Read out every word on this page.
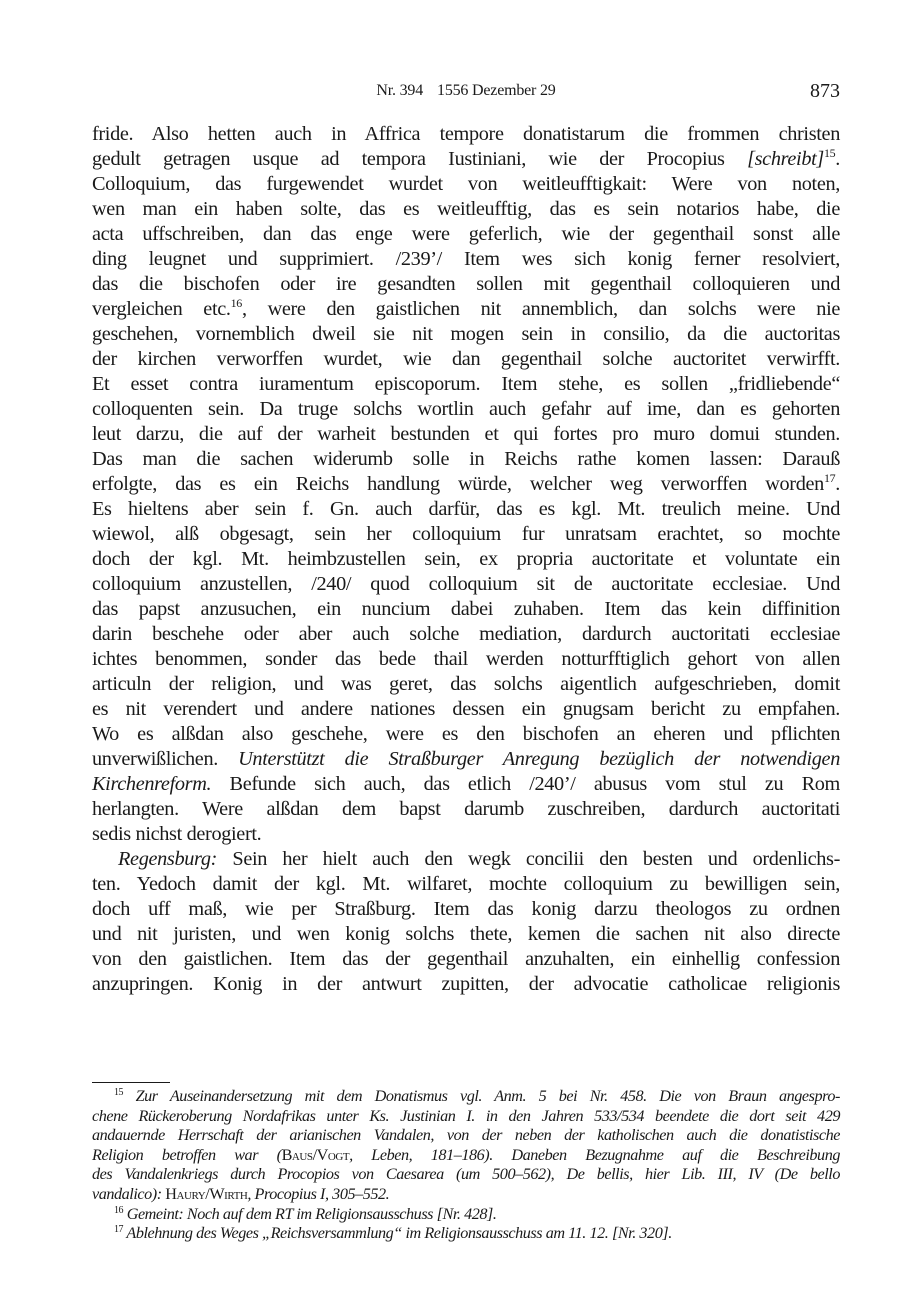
Nr. 394 1556 Dezember 29	873

fride. Also hetten auch in Affrica tempore donatistarum die frommen christen
gedult getragen usque ad tempora Iustiniani, wie der Procopius [schreibt]$^{15}$.
Colloquium, das furgewendet wurdet von weitleufftigkait: Were von noten,
wen man ein haben solte, das es weitleufftig, das es sein notarios habe, die
acta uffschreiben, dan das enge were geferlich, wie der gegenthail sonst alle
ding leugnet und supprimiert. /239’/ Item wes sich konig ferner resolviert,
das die bischofen oder ire gesandten sollen mit gegenthail colloquieren und
vergleichen etc.$^{16}$, were den gaistlichen nit annemblich, dan solchs were nie
geschehen, vornemblich dweil sie nit mogen sein in consilio, da die auctoritas
der kirchen verworffen wurdet, wie dan gegenthail solche auctoritet verwirfft.
Et esset contra iuramentum episcoporum. Item stehe, es sollen „fridliebende“
colloquenten sein. Da truge solchs wortlin auch gefahr auf ime, dan es gehorten
leut darzu, die auf der warheit bestunden et qui fortes pro muro domui stunden.
Das man die sachen widerumb solle in Reichs rathe komen lassen: Darauß
erfolgte, das es ein Reichs handlung würde, welcher weg verworffen worden$^{17}$.
Es hieltens aber sein f. Gn. auch darfür, das es kgl. Mt. treulich meine. Und
wiewol, alß obgesagt, sein her colloquium fur unratsam erachtet, so mochte
doch der kgl. Mt. heimbzustellen sein, ex propria auctoritate et voluntate ein
colloquium anzustellen, /240/ quod colloquium sit de auctoritate ecclesiae. Und
das papst anzusuchen, ein nuncium dabei zuhaben. Item das kein diffinition
darin beschehe oder aber auch solche mediation, dardurch auctoritati ecclesiae
ichtes benommen, sonder das bede thail werden notturfftiglich gehort von allen
articuln der religion, und was geret, das solchs aigentlich aufgeschrieben, domit
es nit verendert und andere nationes dessen ein gnugsam bericht zu empfahen.
Wo es alßdan also geschehe, were es den bischofen an eheren und pflichten
unverwißlichen. Unterstützt die Straßburger Anregung bezüglich der notwendigen
Kirchenreform. Befunde sich auch, das etlich /240’/ abusus vom stul zu Rom
herlangten. Were alßdan dem bapst darumb zuschreiben, dardurch auctoritati
sedis nichst derogiert.

Regensburg: Sein her hielt auch den wegk concilii den besten und ordenlichs-
ten. Yedoch damit der kgl. Mt. wilfaret, mochte colloquium zu bewilligen sein,
doch uff maß, wie per Straßburg. Item das konig darzu theologos zu ordnen
und nit juristen, und wen konig solchs thete, kemen die sachen nit also directe
von den gaistlichen. Item das der gegenthail anzuhalten, ein einhellig confession
anzupringen. Konig in der antwurt zupitten, der advocatie catholicae religionis

$^{15}$ Zur Auseinandersetzung mit dem Donatismus vgl. Anm. 5 bei Nr. 458. Die von Braun angespro-
chene Rückeroberung Nordafrikas unter Ks. Justinian I. in den Jahren 533/534 beendete die dort seit 429
andauernde Herrschaft der arianischen Vandalen, von der neben der katholischen auch die donatistische
Religion betroffen war (Baus/Vogt, Leben, 181–186). Daneben Bezugnahme auf die Beschreibung
des Vandalenkriegs durch Procopios von Caesarea (um 500–562), De bellis, hier Lib. III, IV (De bello
vandalico): Haury/Wirth, Procopius I, 305–552.
$^{16}$ Gemeint: Noch auf dem RT im Religionsausschuss [Nr. 428].
$^{17}$ Ablehnung des Weges „Reichsversammlung“ im Religionsausschuss am 11. 12. [Nr. 320].
